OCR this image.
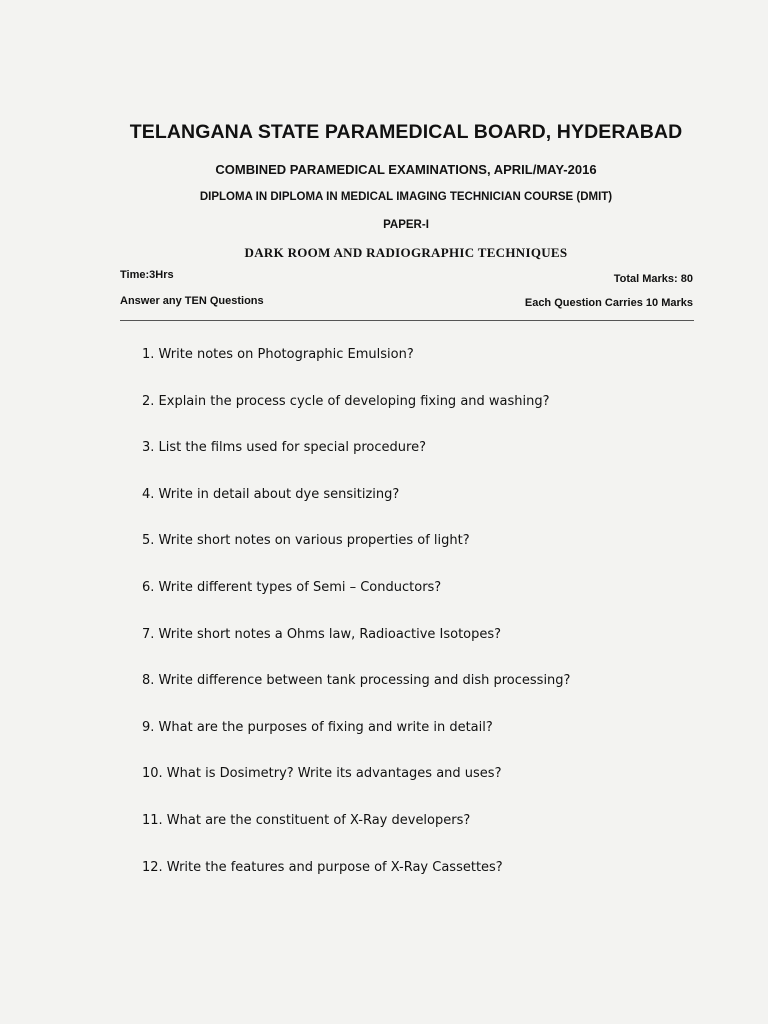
TELANGANA STATE PARAMEDICAL BOARD, HYDERABAD
COMBINED PARAMEDICAL EXAMINATIONS, APRIL/MAY-2016
DIPLOMA IN DIPLOMA IN MEDICAL IMAGING TECHNICIAN COURSE (DMIT)
PAPER-I
DARK ROOM AND RADIOGRAPHIC TECHNIQUES
Time:3Hrs	Total Marks: 80
Answer any TEN Questions	Each Question Carries 10 Marks
1. Write notes on Photographic Emulsion?
2. Explain the process cycle of developing fixing and washing?
3. List the films used for special procedure?
4. Write in detail about dye sensitizing?
5. Write short notes on various properties of light?
6. Write different types of Semi – Conductors?
7. Write short notes a Ohms law, Radioactive Isotopes?
8. Write difference between tank processing and dish processing?
9. What are the purposes of fixing and write in detail?
10. What is Dosimetry? Write its advantages and uses?
11. What are the constituent of X-Ray developers?
12. Write the features and purpose of X-Ray Cassettes?
